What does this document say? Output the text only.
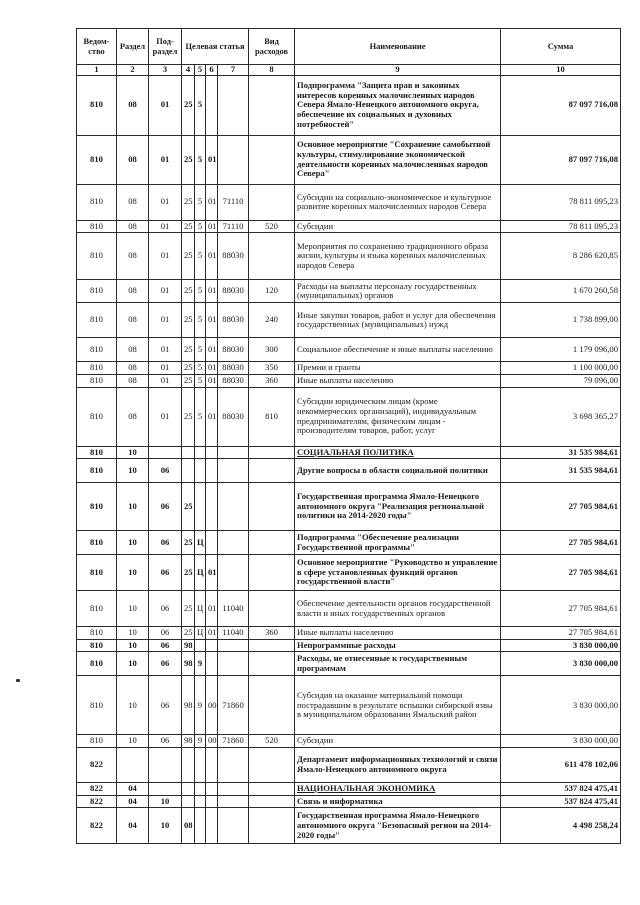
Ведом-ство	Раздел	Под-раздел	Целевая статья				Вид расходов	Наименование	Сумма
1	2	3	4	5	6	7	8	9	10
810	08	01	25	5				Подпрограмма "Защита прав и законных интересов коренных малочисленных народов Севера Ямало-Ненецкого автономного округа, обеспечение их социальных и духовных потребностей"	87 097 716,08
810	08	01	25	5	01			Основное мероприятие "Сохранение самобытной культуры, стимулирование экономической деятельности коренных малочисленных народов Севера"	87 097 716,08
810	08	01	25	5	01	71110		Субсидии на социально-экономическое и культурное развитие коренных малочисленных народов Севера	78 811 095,23
810	08	01	25	5	01	71110	520	Субсидии	78 811 095,23
810	08	01	25	5	01	88030		Мероприятия по сохранению традиционного образа жизни, культуры и языка коренных малочисленных народов Севера	8 286 620,85
810	08	01	25	5	01	88030	120	Расходы на выплаты персоналу государственных (муниципальных) органов	1 670 260,58
810	08	01	25	5	01	88030	240	Иные закупки товаров, работ и услуг для обеспечения государственных (муниципальных) нужд	1 738 899,00
810	08	01	25	5	01	88030	300	Социальное обеспечение и иные выплаты населению	1 179 096,00
810	08	01	25	5	01	88030	350	Премии и гранты	1 100 000,00
810	08	01	25	5	01	88030	360	Иные выплаты населению	79 096,00
810	08	01	25	5	01	88030	810	Субсидии юридическим лицам (кроме некоммерческих организаций), индивидуальным предпринимателям, физическим лицам - производителям товаров, работ, услуг	3 698 365,27
810	10							СОЦИАЛЬНАЯ ПОЛИТИКА	31 535 984,61
810	10	06						Другие вопросы в области социальной политики	31 535 984,61
810	10	06	25					Государственная программа Ямало-Ненецкого автономного округа "Реализация региональной политики на 2014-2020 годы"	27 705 984,61
810	10	06	25	Ц				Подпрограмма "Обеспечение реализации Государственной программы"	27 705 984,61
810	10	06	25	Ц	01			Основное мероприятие "Руководство и управление в сфере установленных функций органов государственной власти"	27 705 984,61
810	10	06	25	Ц	01	11040		Обеспечение деятельности органов государственной власти и иных государственных органов	27 705 984,61
810	10	06	25	Ц	01	11040	360	Иные выплаты населению	27 705 984,61
810	10	06	98					Непрограммные расходы	3 830 000,00
810	10	06	98	9				Расходы, не отнесенные к государственным программам	3 830 000,00
810	10	06	98	9	00	71860		Субсидия на оказание материальной помощи пострадавшим в результате вспышки сибирской язвы в муниципальном образовании Ямальский район	3 830 000,00
810	10	06	98	9	00	71860	520	Субсидии	3 830 000,00
822								Департамент информационных технологий и связи Ямало-Ненецкого автономного округа	611 478 102,06
822	04							НАЦИОНАЛЬНАЯ ЭКОНОМИКА	537 824 475,41
822	04	10						Связь и информатика	537 824 475,41
822	04	10	08					Государственная программа Ямало-Ненецкого автономного округа "Безопасный регион на 2014-2020 годы"	4 498 258,24
